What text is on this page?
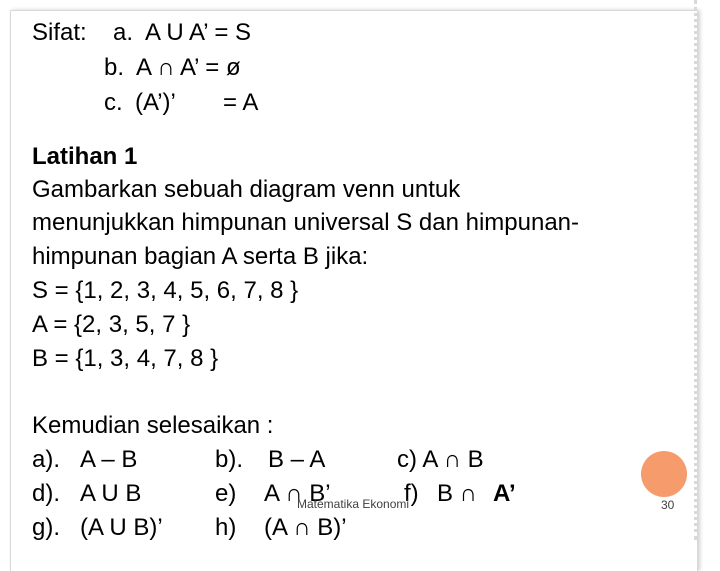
Sifat: a. A U A’ = S
b. A ∩ A’ = ø
c. (A’)’ = A
Latihan 1
Gambarkan sebuah diagram venn untuk
menunjukkan himpunan universal S dan himpunan-
himpunan bagian A serta B jika:
S = {1, 2, 3, 4, 5, 6, 7, 8 }
A = {2, 3, 5, 7 }
B = {1, 3, 4, 7, 8 }
Kemudian selesaikan :
a). A – B	b). B – A	c) A ∩ B
d). A U B	e) A ∩ B’	f) B ∩ A’
g). (A U B)’ h) (A ∩ B)’
Matematika Ekonomi	30
